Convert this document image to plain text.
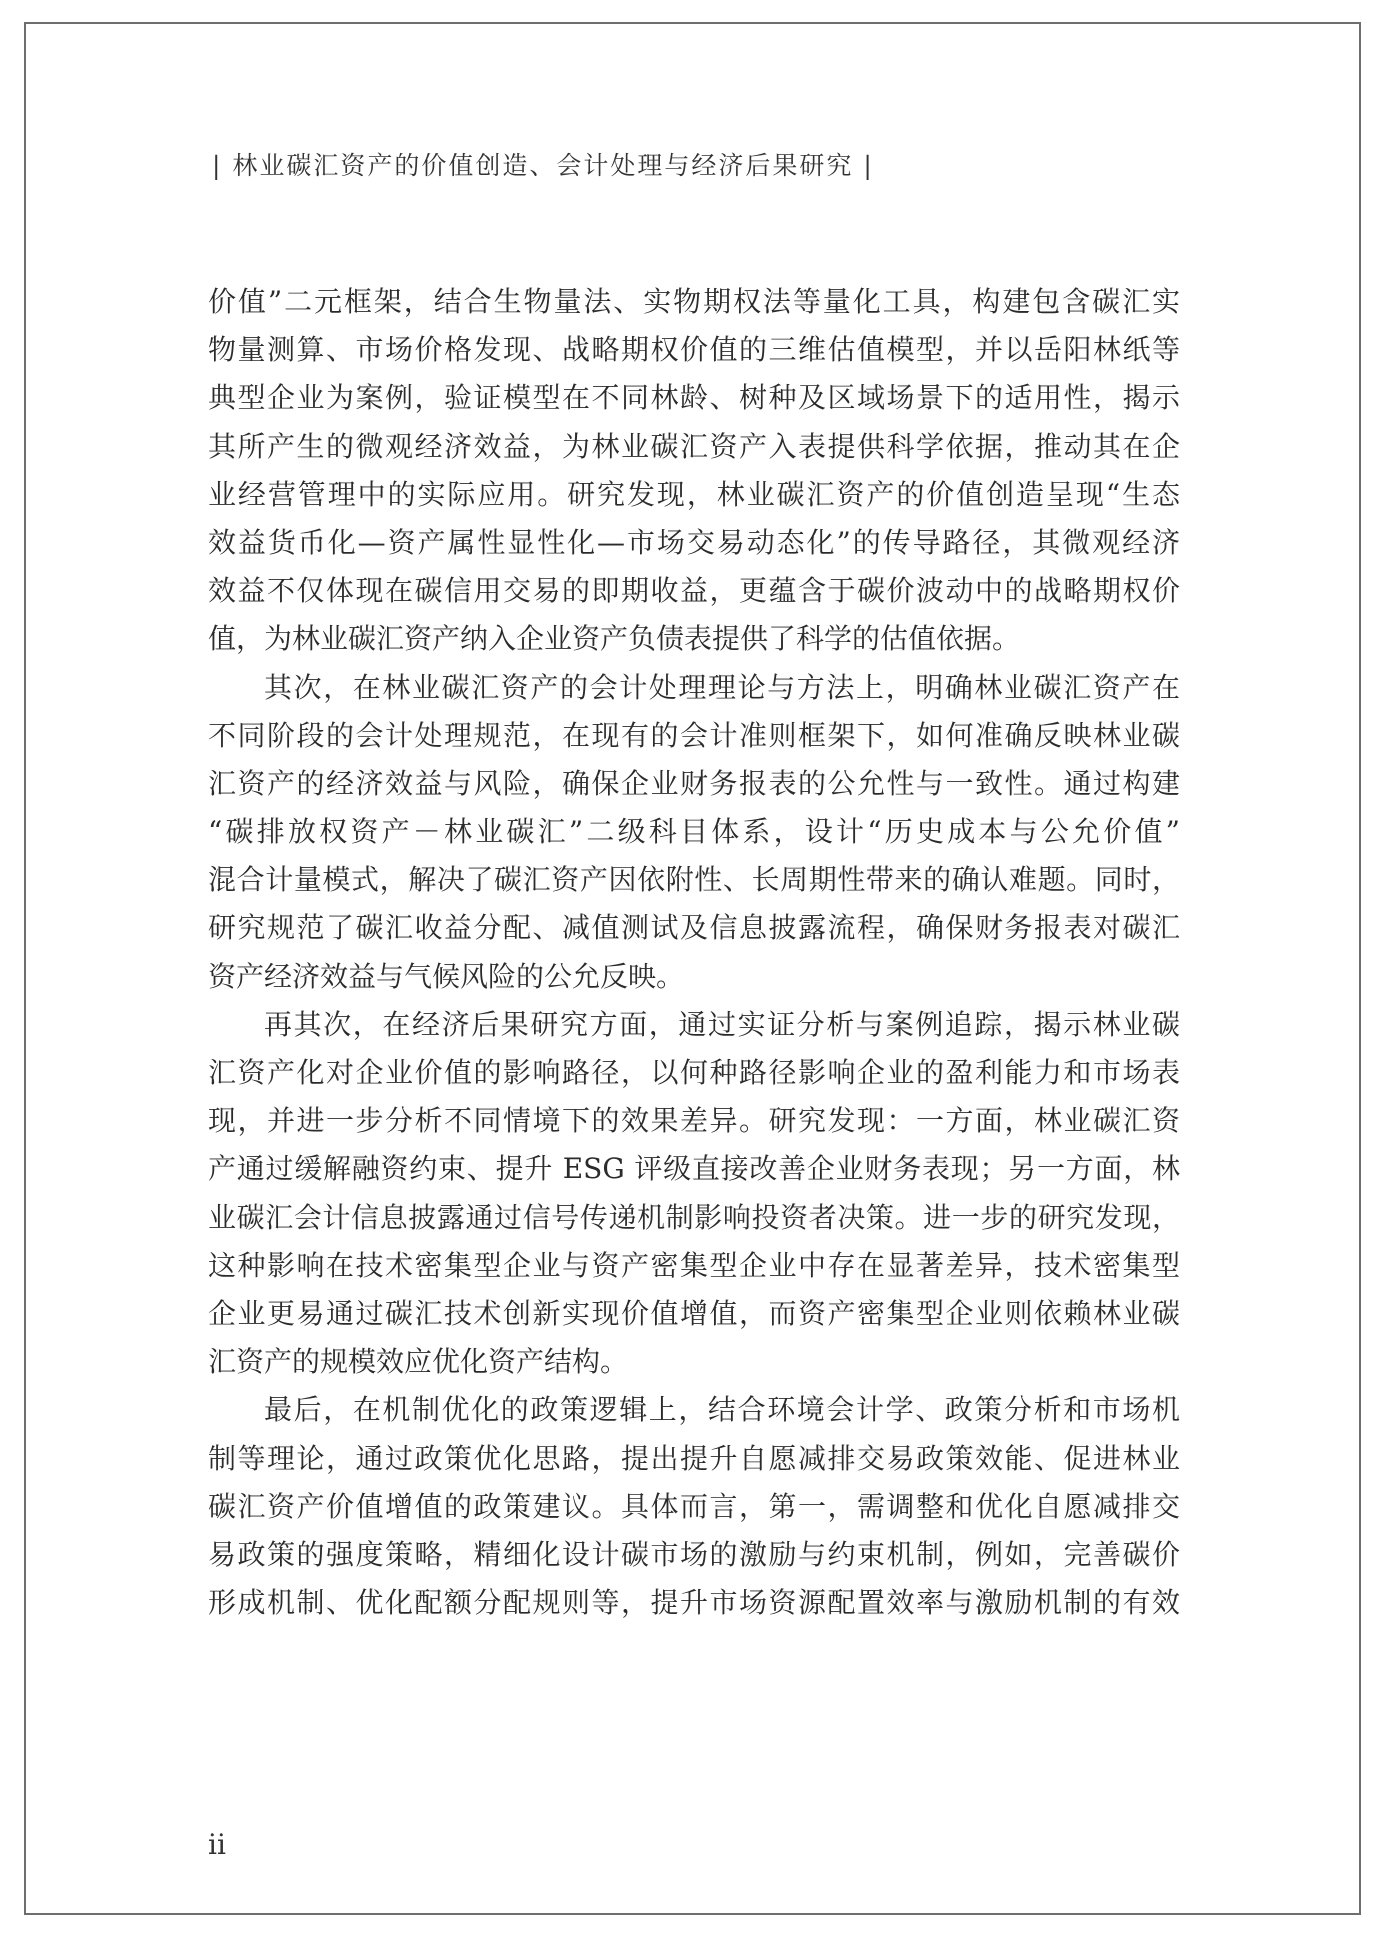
| 林业碳汇资产的价值创造、会计处理与经济后果研究 |
价值”二元框架，结合生物量法、实物期权法等量化工具，构建包含碳汇实
物量测算、市场价格发现、战略期权价值的三维估值模型，并以岳阳林纸等
典型企业为案例，验证模型在不同林龄、树种及区域场景下的适用性，揭示
其所产生的微观经济效益，为林业碳汇资产入表提供科学依据，推动其在企
业经营管理中的实际应用。研究发现，林业碳汇资产的价值创造呈现“生态
效益货币化—资产属性显性化—市场交易动态化”的传导路径，其微观经济
效益不仅体现在碳信用交易的即期收益，更蕴含于碳价波动中的战略期权价
值，为林业碳汇资产纳入企业资产负债表提供了科学的估值依据。
其次，在林业碳汇资产的会计处理理论与方法上，明确林业碳汇资产在
不同阶段的会计处理规范，在现有的会计准则框架下，如何准确反映林业碳
汇资产的经济效益与风险，确保企业财务报表的公允性与一致性。通过构建
“碳排放权资产－林业碳汇”二级科目体系，设计“历史成本与公允价值”
混合计量模式，解决了碳汇资产因依附性、长周期性带来的确认难题。同时，
研究规范了碳汇收益分配、减值测试及信息披露流程，确保财务报表对碳汇
资产经济效益与气候风险的公允反映。
再其次，在经济后果研究方面，通过实证分析与案例追踪，揭示林业碳
汇资产化对企业价值的影响路径，以何种路径影响企业的盈利能力和市场表
现，并进一步分析不同情境下的效果差异。研究发现：一方面，林业碳汇资
产通过缓解融资约束、提升 ESG 评级直接改善企业财务表现；另一方面，林
业碳汇会计信息披露通过信号传递机制影响投资者决策。进一步的研究发现，
这种影响在技术密集型企业与资产密集型企业中存在显著差异，技术密集型
企业更易通过碳汇技术创新实现价值增值，而资产密集型企业则依赖林业碳
汇资产的规模效应优化资产结构。
最后，在机制优化的政策逻辑上，结合环境会计学、政策分析和市场机
制等理论，通过政策优化思路，提出提升自愿减排交易政策效能、促进林业
碳汇资产价值增值的政策建议。具体而言，第一，需调整和优化自愿减排交
易政策的强度策略，精细化设计碳市场的激励与约束机制，例如，完善碳价
形成机制、优化配额分配规则等，提升市场资源配置效率与激励机制的有效
ii
